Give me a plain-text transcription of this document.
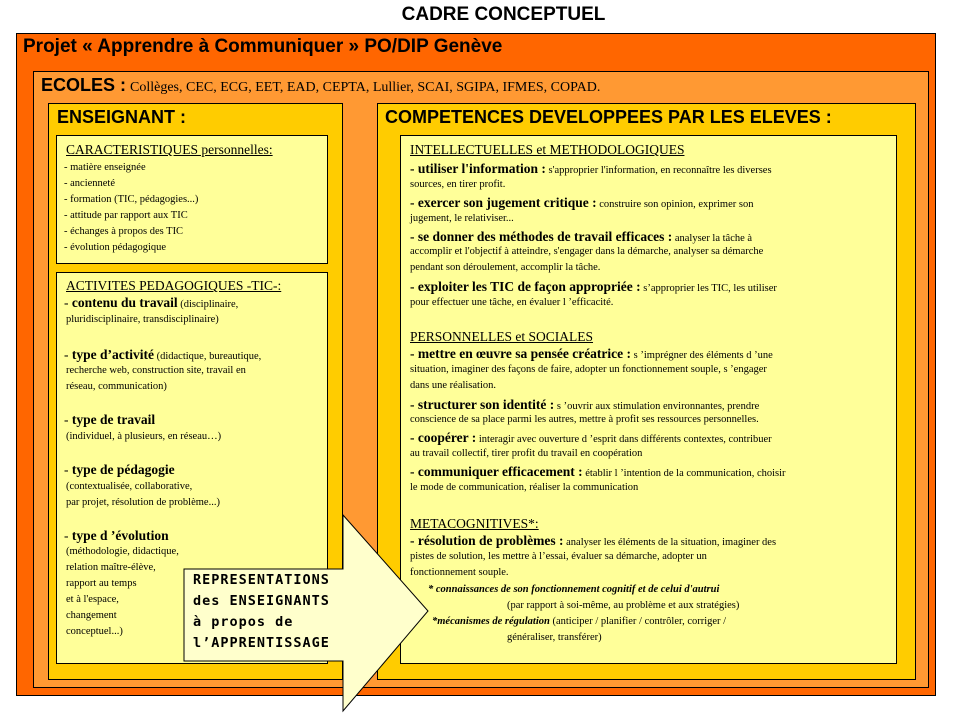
CADRE CONCEPTUEL
Projet « Apprendre à Communiquer » PO/DIP Genève
ECOLES : Collèges, CEC, ECG, EET, EAD, CEPTA, Lullier, SCAI, SGIPA, IFMES, COPAD.
ENSEIGNANT :
CARACTERISTIQUES personnelles:
- matière enseignée
- ancienneté
- formation (TIC, pédagogies...)
- attitude par rapport aux TIC
- échanges à propos des TIC
- évolution pédagogique
ACTIVITES PEDAGOGIQUES -TIC-:
- contenu du travail (disciplinaire,
pluridisciplinaire, transdisciplinaire)
- type d’activité (didactique, bureautique,
recherche web, construction site, travail en
réseau, communication)
- type de travail
(individuel, à plusieurs, en réseau…)
- type de pédagogie
(contextualisée, collaborative,
par projet, résolution de problème...)
- type d ’évolution
(méthodologie, didactique,
relation maître-élève,
rapport au temps
et à l'espace,
changement
conceptuel...)
COMPETENCES DEVELOPPEES PAR LES ELEVES :
INTELLECTUELLES et METHODOLOGIQUES
- utiliser l'information : s'approprier l'information, en reconnaître les diverses
sources, en tirer profit.
- exercer son jugement critique : construire son opinion, exprimer son
jugement, le relativiser...
- se donner des méthodes de travail efficaces : analyser la tâche à
accomplir et l'objectif à atteindre, s'engager dans la démarche, analyser sa démarche
pendant son déroulement, accomplir la tâche.
- exploiter les TIC de façon appropriée : s’approprier les TIC, les utiliser
pour effectuer une tâche, en évaluer l ’efficacité.
PERSONNELLES et SOCIALES
- mettre en œuvre sa pensée créatrice : s ’imprégner des éléments d ’une
situation, imaginer des façons de faire, adopter un fonctionnement souple, s ’engager
dans une réalisation.
- structurer son identité : s ’ouvrir aux stimulation environnantes, prendre
conscience de sa place parmi les autres, mettre à profit ses ressources personnelles.
- coopérer : interagir avec ouverture d ’esprit dans différents contextes, contribuer
au travail collectif, tirer profit du travail en coopération
- communiquer efficacement : établir l ’intention de la communication, choisir
le mode de communication, réaliser la communication
METACOGNITIVES*:
- résolution de problèmes : analyser les éléments de la situation, imaginer des
pistes de solution, les mettre à l’essai, évaluer sa démarche, adopter un
fonctionnement souple.
* connaissances de son fonctionnement cognitif et de celui d'autrui
(par rapport à soi-même, au problème et aux stratégies)
*mécanismes de régulation (anticiper / planifier / contrôler, corriger /
généraliser, transférer)
REPRESENTATIONS
des ENSEIGNANTS
à propos de
l’APPRENTISSAGE
